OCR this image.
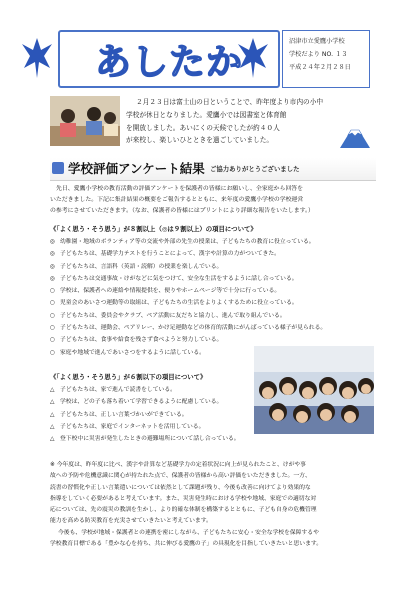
あしたか	沼津市立愛鷹小学校
学校だより NO. １３
平成２４年２月２８日
２月２３日は富士山の日ということで、昨年度より市内の小中
学校が休日となりました。愛鷹小では図書室と体育館
を開放しました。あいにくの天候でしたが約４０人
が来校し、楽しいひとときを過ごしていました。
学校評価アンケート結果 ご協力ありがとうございました
先日、愛鷹小学校の教育活動の評価アンケートを保護者の皆様にお願いし、全家庭から回答を
いただきました。下記に集計結果の概要をご報告するとともに、来年度の愛鷹小学校の学校運営
の参考にさせていただきます。（なお、保護者の皆様にはプリントにより詳細な報告をいたします。）
《「よく思う・そう思う」が８割以上（◎は９割以上）の項目について》
◎ 幼稚園・地域のボランティア等の交流や外部の先生の授業は、子どもたちの教育に役立っている。
◎ 子どもたちは、基礎学力テストを行うことによって、漢字や計算の力がついてきた。
◎ 子どもたちは、言語科（英語・読解）の授業を楽しんでいる。
◎ 子どもたちは交通事故・けがなどに気をつけて、安全な生活をするように話し合っている。
○ 学校は、保護者への連絡や情報提供を、便りやホームページ等で十分に行っている。
○ 児童会のあいさつ運動等の取組は、子どもたちの生活をよりよくするために役立っている。
○ 子どもたちは、委員会やクラブ、ペア活動に友だちと協力し、進んで取り組んでいる。
○ 子どもたちは、運動会、ペアリレー、かけ足運動などの体育的活動にがんばっている様子が見られる。
○ 子どもたちは、食事や給食を残さず食べようと努力している。
○ 家庭や地域で進んであいさつをするように話している。
《「よく思う・そう思う」が６割以下の項目について》
△ 子どもたちは、家で進んで読書をしている。
△ 学校は、どの子も落ち着いて学習できるように配慮している。
△ 子どもたちは、正しい言葉づかいができている。
△ 子どもたちは、家庭でインターネットを活用している。
△ 登下校中に災害が発生したときの避難場所について話し合っている。
※ 今年度は、昨年度に比べ、漢字や計算など基礎学力の定着状況に向上が見られたこと、けがや事
故への予防や危機意識に関心が持たれた点で、保護者の皆様から高い評価をいただきました。一方、
読書の習慣化や正しい言葉遣いについては依然として課題が残り、今後も改善に向けてより効果的な
指導をしていく必要があると考えています。また、災害発生時における学校や地域、家庭での適切な対
応については、先の震災の教訓を生かし、より的確な体制を構築するとともに、子ども自身の危機管理
能力を高める防災教育を充実させていきたいと考えています。
今後も、学校が地域・保護者との連携を密にしながら、子どもたちに安心・安全な学校を保障するや
学校教育目標である「豊かな心を持ち、共に伸びる愛鷹の子」の具現化を目指していきたいと思います。
